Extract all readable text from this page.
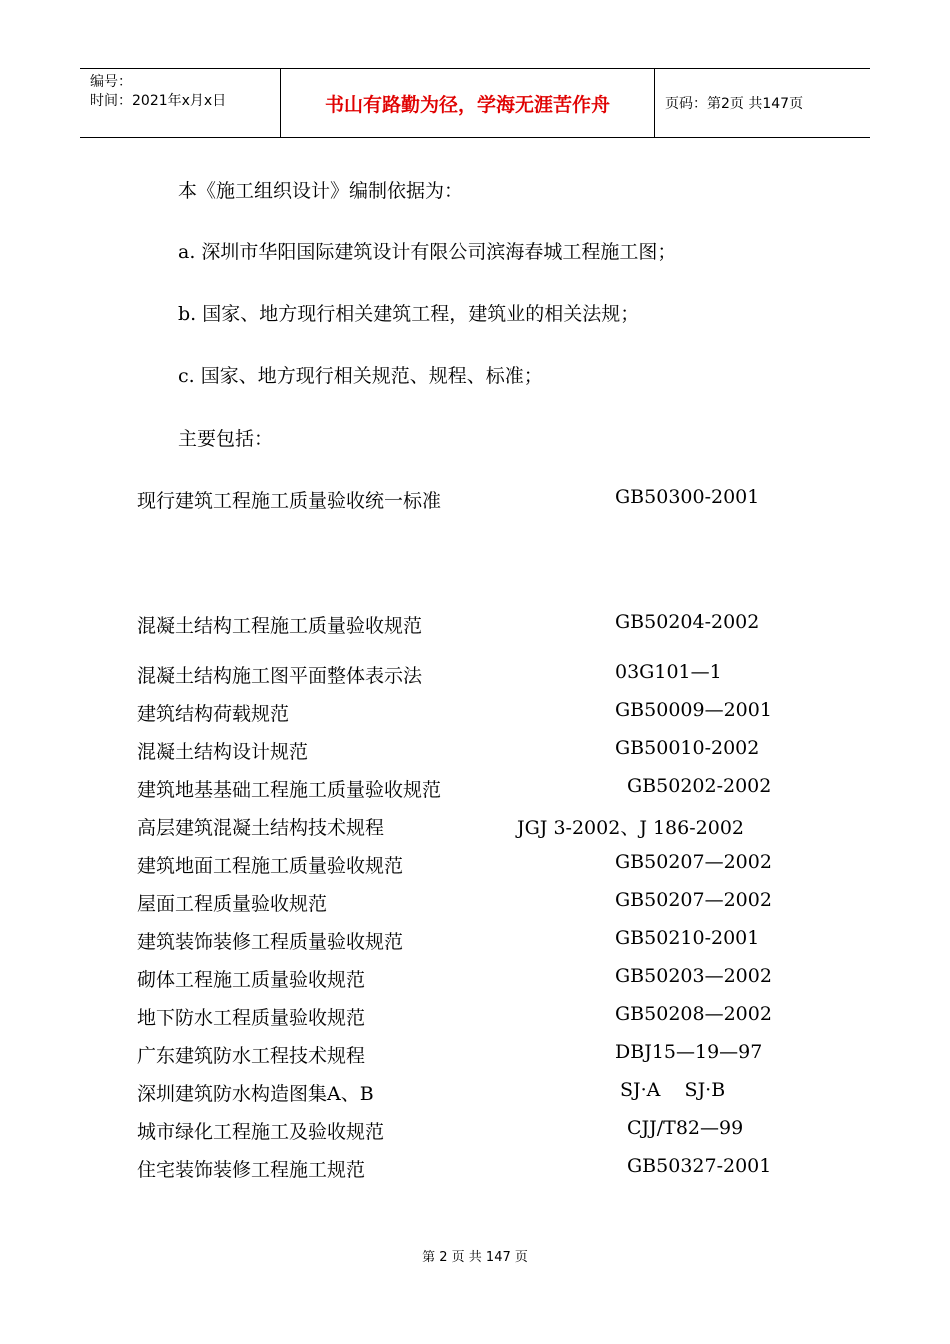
编号：
时间：2021年x月x日	书山有路勤为径，学海无涯苦作舟	页码：第2页 共147页
本《施工组织设计》编制依据为：
a. 深圳市华阳国际建筑设计有限公司滨海春城工程施工图；
b. 国家、地方现行相关建筑工程，建筑业的相关法规；
c. 国家、地方现行相关规范、规程、标准；
主要包括：
现行建筑工程施工质量验收统一标准	GB50300-2001
混凝土结构工程施工质量验收规范	GB50204-2002
混凝土结构施工图平面整体表示法	03G101—1
建筑结构荷载规范	GB50009—2001
混凝土结构设计规范	GB50010-2002
建筑地基基础工程施工质量验收规范	GB50202-2002
高层建筑混凝土结构技术规程	JGJ 3-2002、J 186-2002
建筑地面工程施工质量验收规范	GB50207—2002
屋面工程质量验收规范	GB50207—2002
建筑装饰装修工程质量验收规范	GB50210-2001
砌体工程施工质量验收规范	GB50203—2002
地下防水工程质量验收规范	GB50208—2002
广东建筑防水工程技术规程	DBJ15—19—97
深圳建筑防水构造图集A、B	SJ·A    SJ·B
城市绿化工程施工及验收规范	CJJ/T82—99
住宅装饰装修工程施工规范	GB50327-2001
第 2 页 共 147 页
